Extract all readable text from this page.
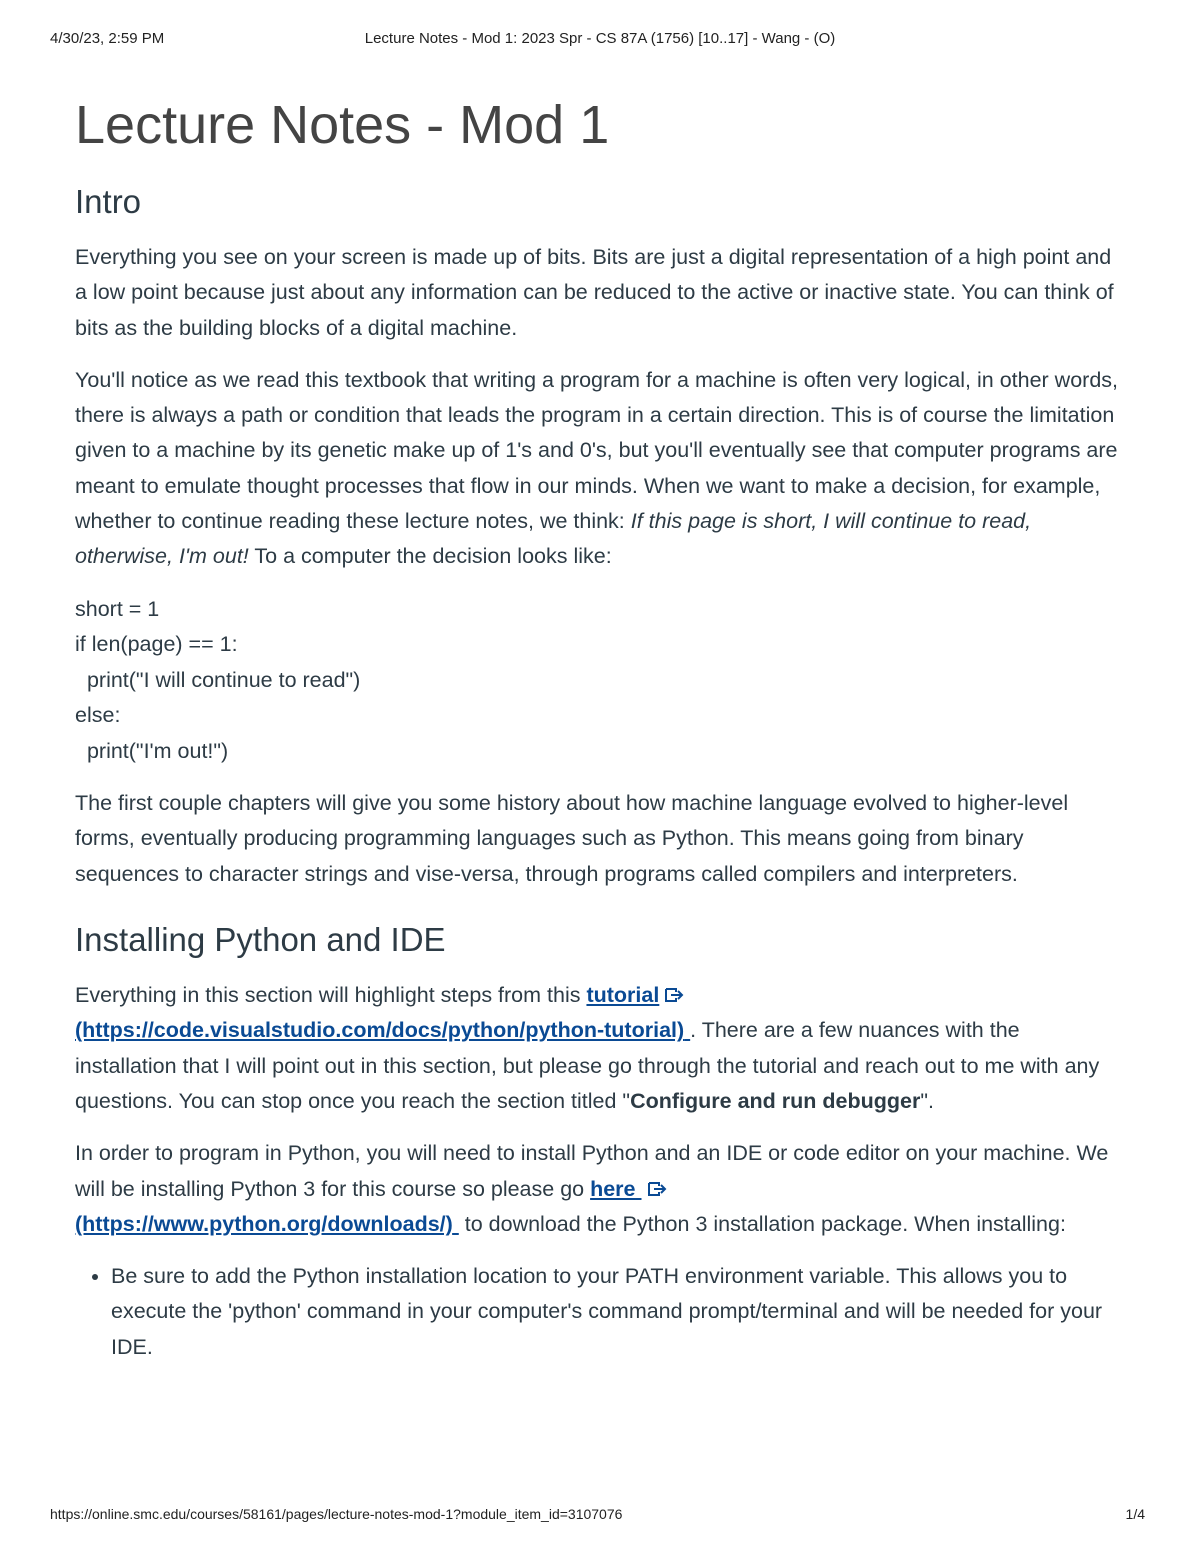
4/30/23, 2:59 PM	Lecture Notes - Mod 1: 2023 Spr - CS 87A (1756) [10..17] - Wang - (O)
Lecture Notes - Mod 1
Intro

Everything you see on your screen is made up of bits. Bits are just a digital representation of a high point and a low point because just about any information can be reduced to the active or inactive state. You can think of bits as the building blocks of a digital machine.

You'll notice as we read this textbook that writing a program for a machine is often very logical, in other words, there is always a path or condition that leads the program in a certain direction. This is of course the limitation given to a machine by its genetic make up of 1's and 0's, but you'll eventually see that computer programs are meant to emulate thought processes that flow in our minds. When we want to make a decision, for example, whether to continue reading these lecture notes, we think: If this page is short, I will continue to read, otherwise, I'm out! To a computer the decision looks like:

short = 1
if len(page) == 1:
print("I will continue to read")
else:
print("I'm out!")

The first couple chapters will give you some history about how machine language evolved to higher-level forms, eventually producing programming languages such as Python. This means going from binary sequences to character strings and vise-versa, through programs called compilers and interpreters.

Installing Python and IDE

Everything in this section will highlight steps from this tutorial
(https://code.visualstudio.com/docs/python/python-tutorial) . There are a few nuances with the installation that I will point out in this section, but please go through the tutorial and reach out to me with any questions. You can stop once you reach the section titled "Configure and run debugger".

In order to program in Python, you will need to install Python and an IDE or code editor on your machine. We will be installing Python 3 for this course so please go here
(https://www.python.org/downloads/)  to download the Python 3 installation package. When installing:

• Be sure to add the Python installation location to your PATH environment variable. This allows you to execute the 'python' command in your computer's command prompt/terminal and will be needed for your IDE.
https://online.smc.edu/courses/58161/pages/lecture-notes-mod-1?module_item_id=3107076	1/4
